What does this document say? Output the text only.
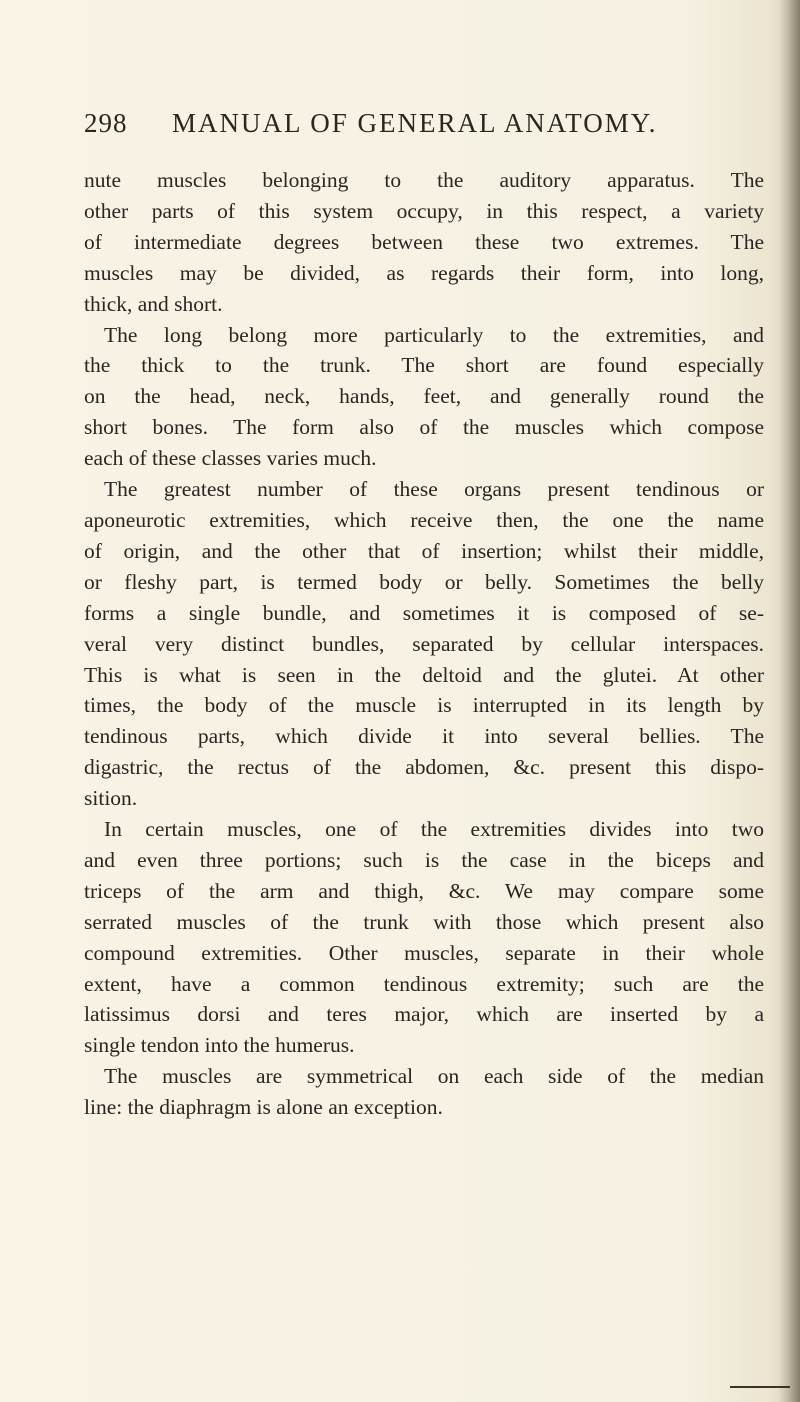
298	MANUAL OF GENERAL ANATOMY.

nute muscles belonging to the auditory apparatus. The
other parts of this system occupy, in this respect, a variety
of intermediate degrees between these two extremes. The
muscles may be divided, as regards their form, into long,
thick, and short.

The long belong more particularly to the extremities, and
the thick to the trunk. The short are found especially
on the head, neck, hands, feet, and generally round the
short bones. The form also of the muscles which compose
each of these classes varies much.

The greatest number of these organs present tendinous or
aponeurotic extremities, which receive then, the one the name
of origin, and the other that of insertion; whilst their middle,
or fleshy part, is termed body or belly. Sometimes the belly
forms a single bundle, and sometimes it is composed of se-
veral very distinct bundles, separated by cellular interspaces.
This is what is seen in the deltoid and the glutei. At other
times, the body of the muscle is interrupted in its length by
tendinous parts, which divide it into several bellies. The
digastric, the rectus of the abdomen, &c. present this dispo-
sition.

In certain muscles, one of the extremities divides into two
and even three portions; such is the case in the biceps and
triceps of the arm and thigh, &c. We may compare some
serrated muscles of the trunk with those which present also
compound extremities. Other muscles, separate in their whole
extent, have a common tendinous extremity; such are the
latissimus dorsi and teres major, which are inserted by a
single tendon into the humerus.

The muscles are symmetrical on each side of the median
line: the diaphragm is alone an exception.
